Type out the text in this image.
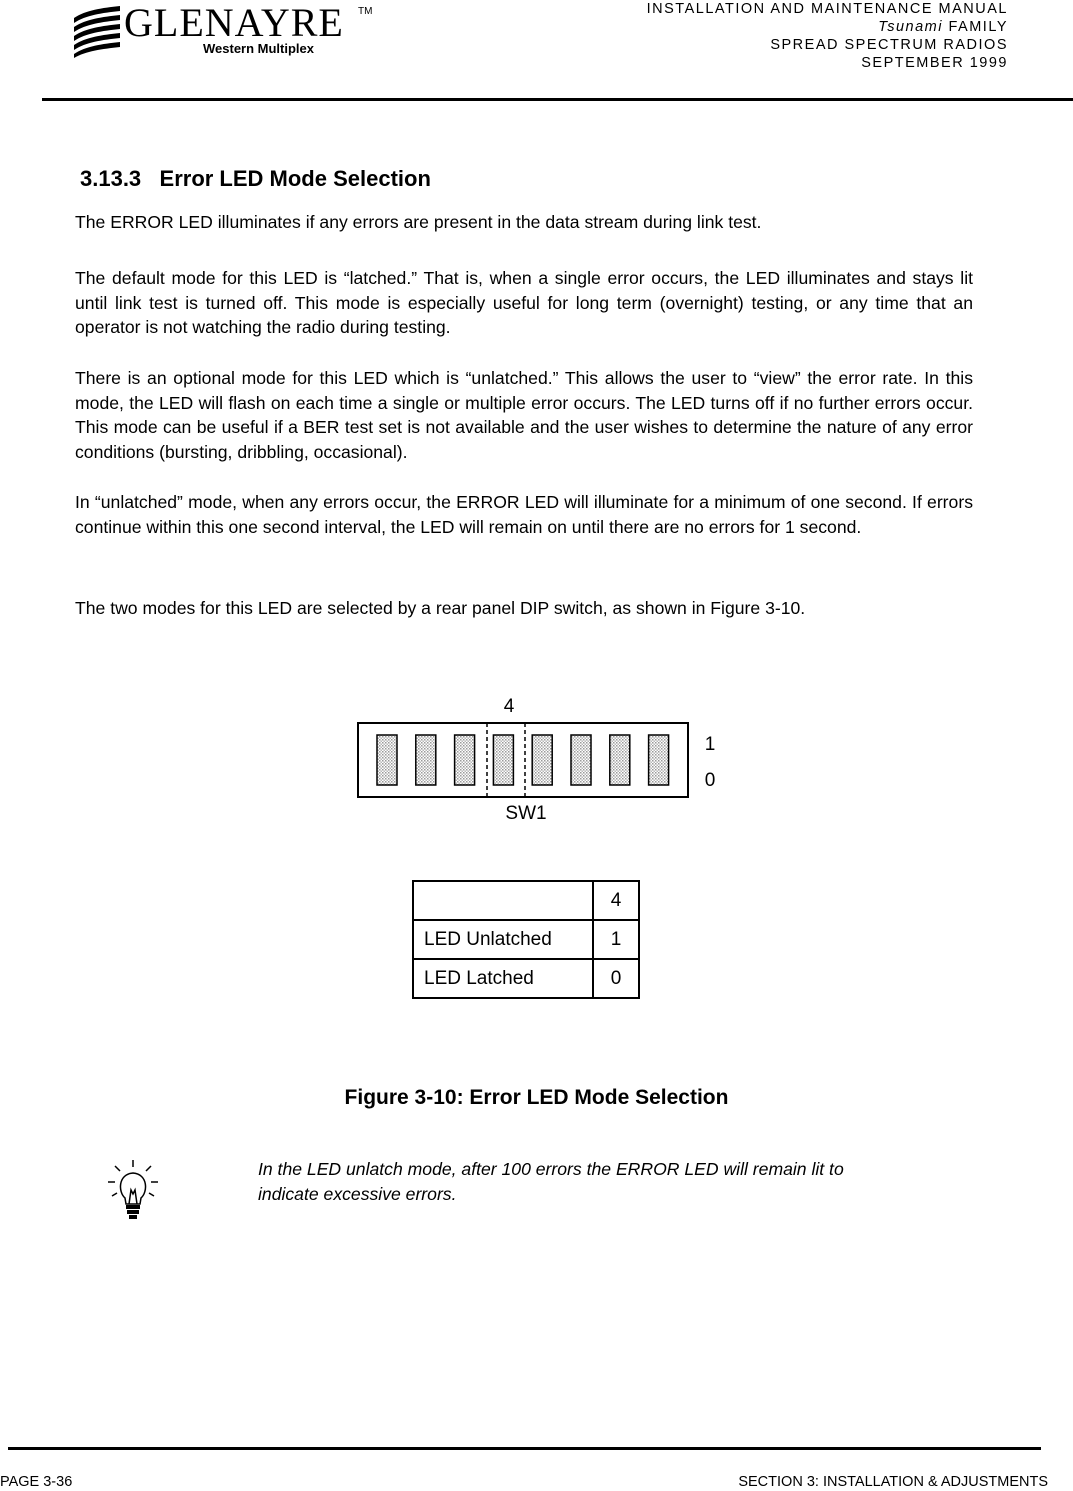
GLENAYRE TM
Western Multiplex
INSTALLATION AND MAINTENANCE MANUAL
Tsunami FAMILY
SPREAD SPECTRUM RADIOS
SEPTEMBER 1999
3.13.3 Error LED Mode Selection
The ERROR LED illuminates if any errors are present in the data stream during link test.
The default mode for this LED is “latched.” That is, when a single error occurs, the LED illuminates and stays lit until link test is turned off. This mode is especially useful for long term (overnight) testing, or any time that an operator is not watching the radio during testing.
There is an optional mode for this LED which is “unlatched.” This allows the user to “view” the error rate. In this mode, the LED will flash on each time a single or multiple error occurs. The LED turns off if no further errors occur. This mode can be useful if a BER test set is not available and the user wishes to determine the nature of any error conditions (bursting, dribbling, occasional).
In “unlatched” mode, when any errors occur, the ERROR LED will illuminate for a minimum of one second. If errors continue within this one second interval, the LED will remain on until there are no errors for 1 second.
The two modes for this LED are selected by a rear panel DIP switch, as shown in Figure 3-10.
4
1
0
SW1
	4
LED Unlatched	1
LED Latched	0
Figure 3-10: Error LED Mode Selection
In the LED unlatch mode, after 100 errors the ERROR LED will remain lit to indicate excessive errors.
PAGE 3-36	SECTION 3: INSTALLATION & ADJUSTMENTS
